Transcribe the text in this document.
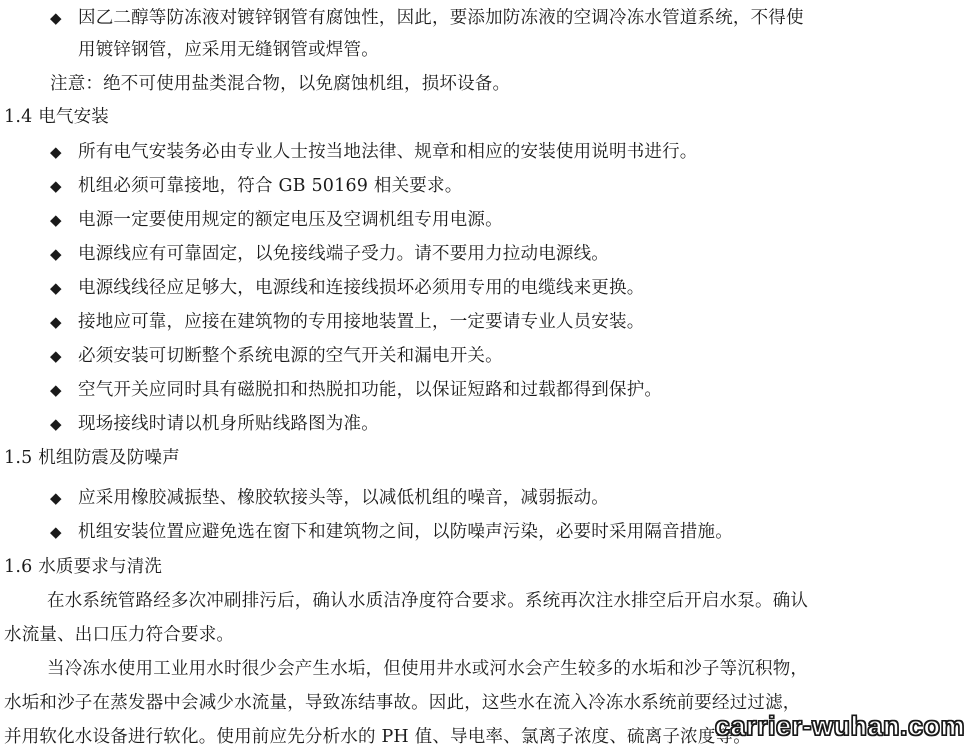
◆ 因乙二醇等防冻液对镀锌钢管有腐蚀性，因此，要添加防冻液的空调冷冻水管道系统，不得使
用镀锌钢管，应采用无缝钢管或焊管。
注意：绝不可使用盐类混合物，以免腐蚀机组，损坏设备。
1.4 电气安装
◆ 所有电气安装务必由专业人士按当地法律、规章和相应的安装使用说明书进行。
◆ 机组必须可靠接地，符合 GB 50169 相关要求。
◆ 电源一定要使用规定的额定电压及空调机组专用电源。
◆ 电源线应有可靠固定，以免接线端子受力。请不要用力拉动电源线。
◆ 电源线线径应足够大，电源线和连接线损坏必须用专用的电缆线来更换。
◆ 接地应可靠，应接在建筑物的专用接地装置上，一定要请专业人员安装。
◆ 必须安装可切断整个系统电源的空气开关和漏电开关。
◆ 空气开关应同时具有磁脱扣和热脱扣功能，以保证短路和过载都得到保护。
◆ 现场接线时请以机身所贴线路图为准。
1.5 机组防震及防噪声
◆ 应采用橡胶减振垫、橡胶软接头等，以减低机组的噪音，减弱振动。
◆ 机组安装位置应避免选在窗下和建筑物之间，以防噪声污染，必要时采用隔音措施。
1.6 水质要求与清洗
在水系统管路经多次冲刷排污后，确认水质洁净度符合要求。系统再次注水排空后开启水泵。确认
水流量、出口压力符合要求。
当冷冻水使用工业用水时很少会产生水垢，但使用井水或河水会产生较多的水垢和沙子等沉积物，
水垢和沙子在蒸发器中会减少水流量，导致冻结事故。因此，这些水在流入冷冻水系统前要经过过滤，
并用软化水设备进行软化。使用前应先分析水的 PH 值、导电率、氯离子浓度、硫离子浓度等。
carrier-wuhan.com
